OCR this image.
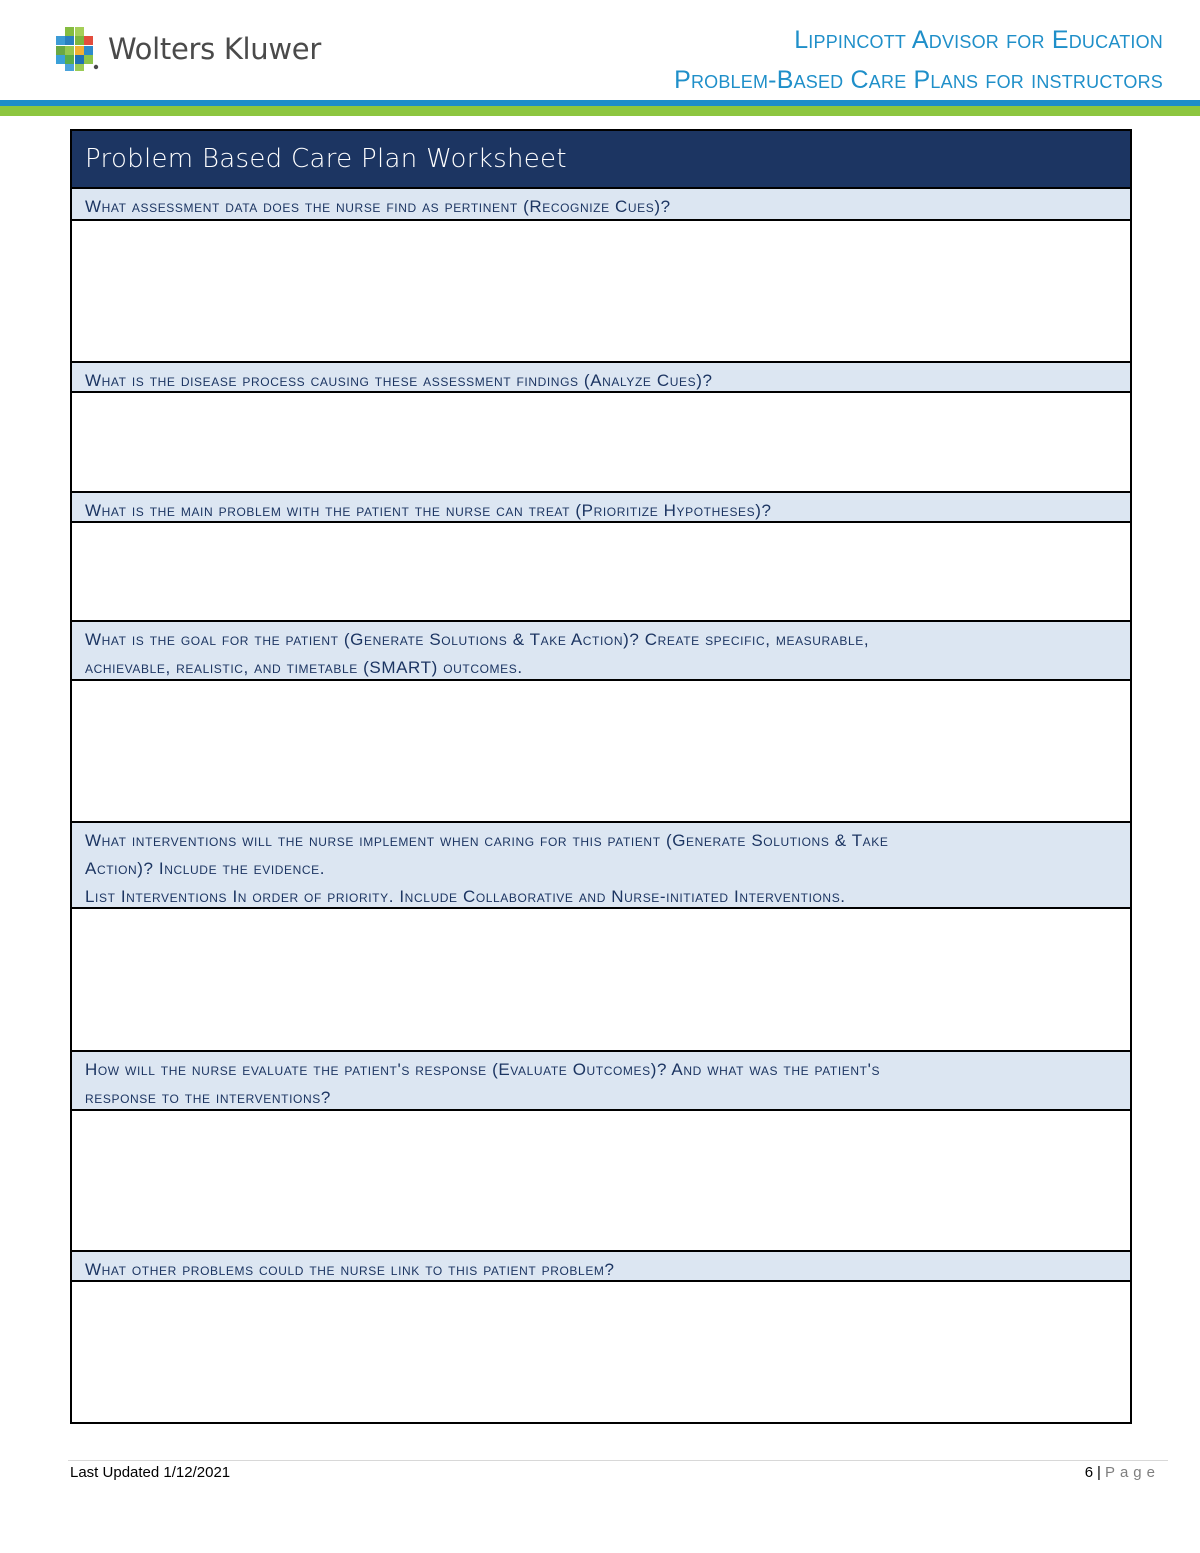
Wolters Kluwer	Lippincott Advisor for Education
Problem-Based Care Plans for instructors
Problem Based Care Plan Worksheet
What assessment data does the nurse find as pertinent (Recognize Cues)?
What is the disease process causing these assessment findings (Analyze Cues)?
What is the main problem with the patient the nurse can treat (Prioritize Hypotheses)?
What is the goal for the patient (Generate Solutions & Take Action)? Create specific, measurable,
achievable, realistic, and timetable (SMART) outcomes.
What interventions will the nurse implement when caring for this patient (Generate Solutions & Take
Action)? Include the evidence.
List Interventions In order of priority. Include Collaborative and Nurse-initiated Interventions.
How will the nurse evaluate the patient's response (Evaluate Outcomes)? And what was the patient's
response to the interventions?
What other problems could the nurse link to this patient problem?
Last Updated 1/12/2021	6 | Page
